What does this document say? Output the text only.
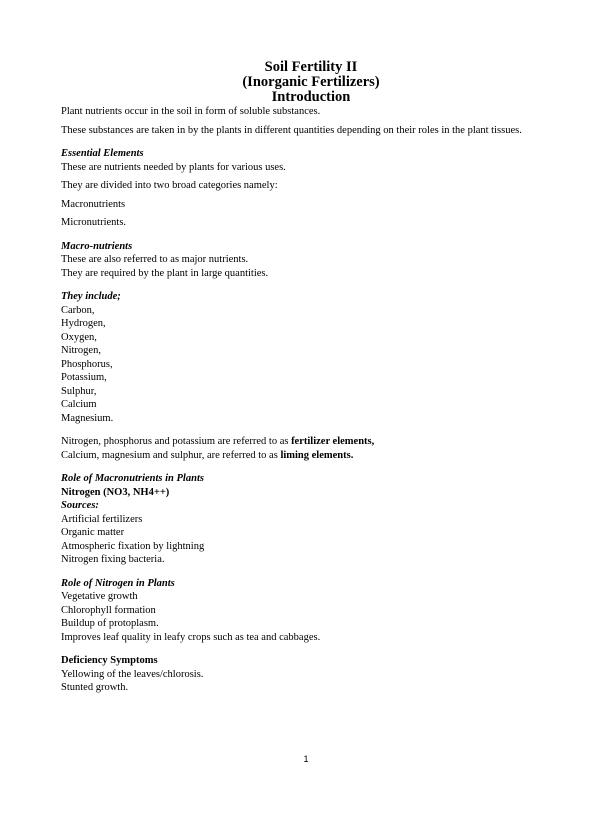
Soil Fertility II
(Inorganic Fertilizers)
Introduction

Plant nutrients occur in the soil in form of soluble substances.

These substances are taken in by the plants in different quantities depending on their roles in the plant tissues.

Essential Elements

These are nutrients needed by plants for various uses.

They are divided into two broad categories namely:

Macronutrients

Micronutrients.

Macro-nutrients

These are also referred to as major nutrients.

They are required by the plant in large quantities.

They include;

Carbon,

Hydrogen,

Oxygen,

Nitrogen,

Phosphorus,

Potassium,

Sulphur,

Calcium

Magnesium.

Nitrogen, phosphorus and potassium are referred to as fertilizer elements,

Calcium, magnesium and sulphur, are referred to as liming elements.

Role of Macronutrients in Plants

Nitrogen (NO3, NH4++)

Sources:

Artificial fertilizers

Organic matter

Atmospheric fixation by lightning

Nitrogen fixing bacteria.

Role of Nitrogen in Plants

Vegetative growth

Chlorophyll formation

Buildup of protoplasm.

Improves leaf quality in leafy crops such as tea and cabbages.

Deficiency Symptoms

Yellowing of the leaves/chlorosis.

Stunted growth.

1
